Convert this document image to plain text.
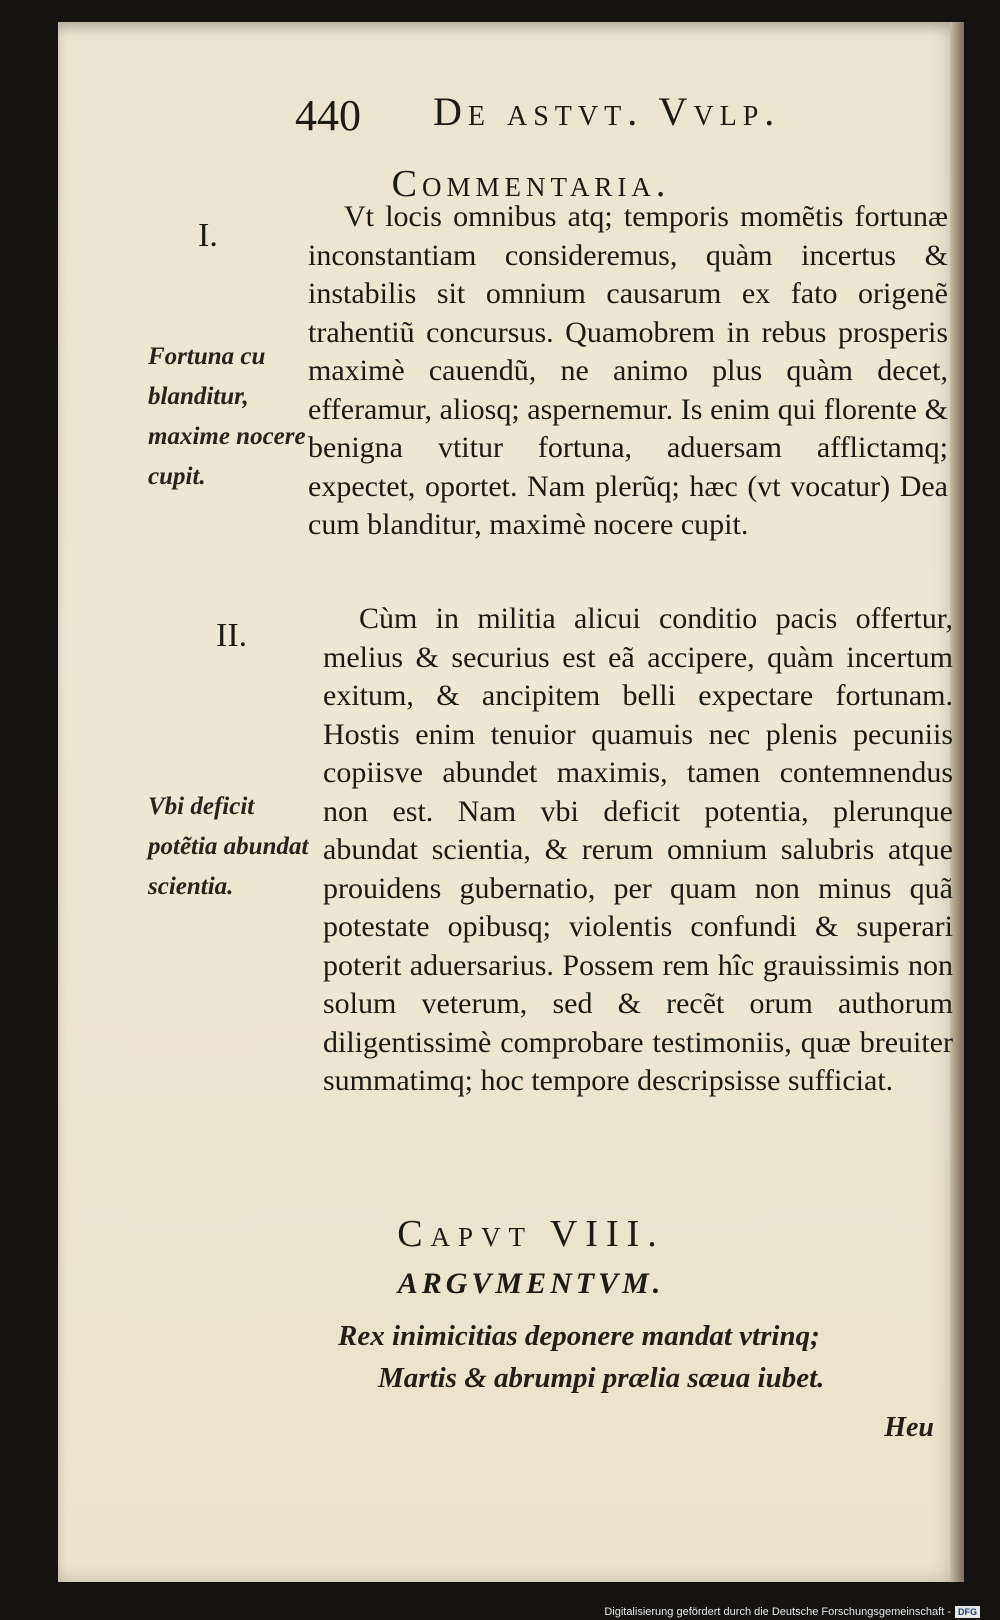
440 De astvt. Vvlp.
Commentaria.
I.
II.
Fortuna cu blanditur, maxime nocere cupit.
Vbi deficit potẽtia abundat scientia.

Vt locis omnibus atq; temporis momẽtis fortunæ inconstantiam consideremus, quàm incertus & instabilis sit omnium causarum ex fato origenẽ trahentiũ concursus. Quamobrem in rebus prosperis maximè cauendũ, ne animo plus quàm decet, efferamur, aliosq; aspernemur. Is enim qui florente & benigna vtitur fortuna, aduersam afflictamq; expectet, oportet. Nam plerũq; hæc (vt vocatur) Dea cum blanditur, maximè nocere cupit.

Cùm in militia alicui conditio pacis offertur, melius & securius est eã accipere, quàm incertum exitum, & ancipitem belli expectare fortunam. Hostis enim tenuior quamuis nec plenis pecuniis copiisve abundet maximis, tamen contemnendus non est. Nam vbi deficit potentia, plerunque abundat scientia, & rerum omnium salubris atque prouidens gubernatio, per quam non minus quã potestate opibusq; violentis confundi & superari poterit aduersarius. Possem rem hîc grauissimis non solum veterum, sed & recẽt orum authorum diligentissimè comprobare testimoniis, quæ breuiter summatimq; hoc tempore descripsisse sufficiat.

Capvt VIII.
ARGVMENTVM.
Rex inimicitias deponere mandat vtrinq;
Martis & abrumpi prælia sæua iubet.
Heu
Digitalisierung gefördert durch die Deutsche Forschungsgemeinschaft - DFG
